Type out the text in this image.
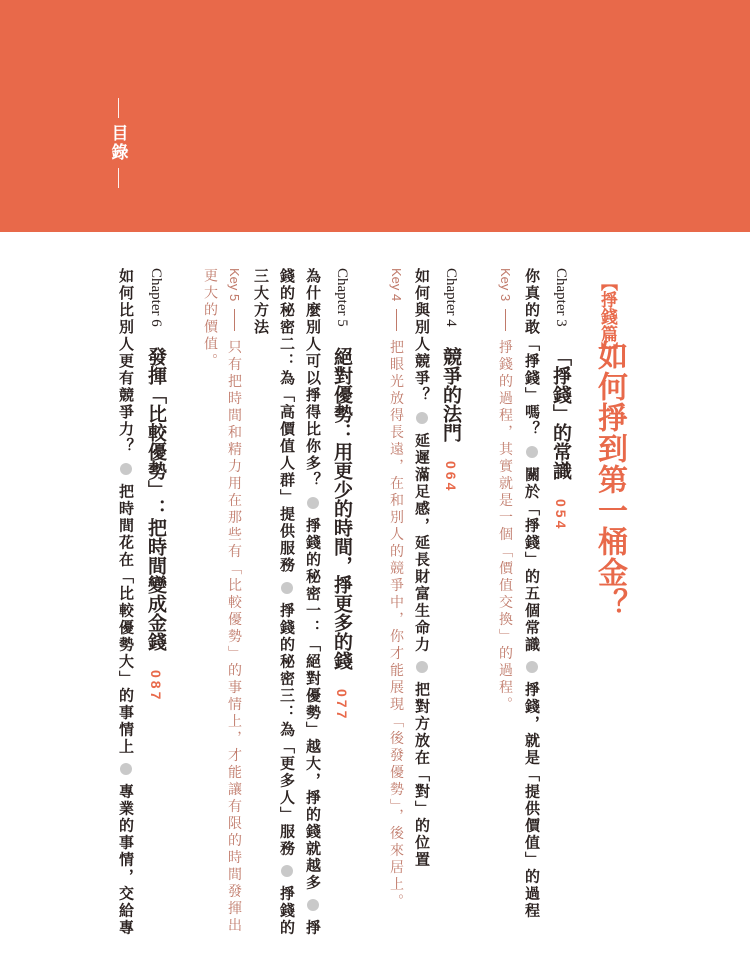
目錄
【掙錢篇】
如何掙到第一桶金？
Chapter 3  「掙錢」的常識 054
你真的敢「掙錢」嗎？  關於「掙錢」的五個常識  掙錢，就是「提供價值」的過程
Key 3  掙錢的過程，其實就是一個「價值交換」的過程。
Chapter 4  競爭的法門 064
如何與別人競爭？  延遲滿足感，延長財富生命力  把對方放在「對」的位置
Key 4  把眼光放得長遠，在和別人的競爭中，你才能展現「後發優勢」，後來居上。
Chapter 5  絕對優勢：用更少的時間，掙更多的錢 077
為什麼別人可以掙得比你多？  掙錢的秘密一：「絕對優勢」越大，掙的錢就越多  掙
錢的秘密二：為「高價值人群」提供服務  掙錢的秘密三：為「更多人」服務  掙錢的
三大方法
Key 5  只有把時間和精力用在那些有「比較優勢」的事情上，才能讓有限的時間發揮出
更大的價值。
Chapter 6  發揮「比較優勢」：把時間變成金錢 087
如何比別人更有競爭力？  把時間花在「比較優勢大」的事情上  專業的事情，交給專
